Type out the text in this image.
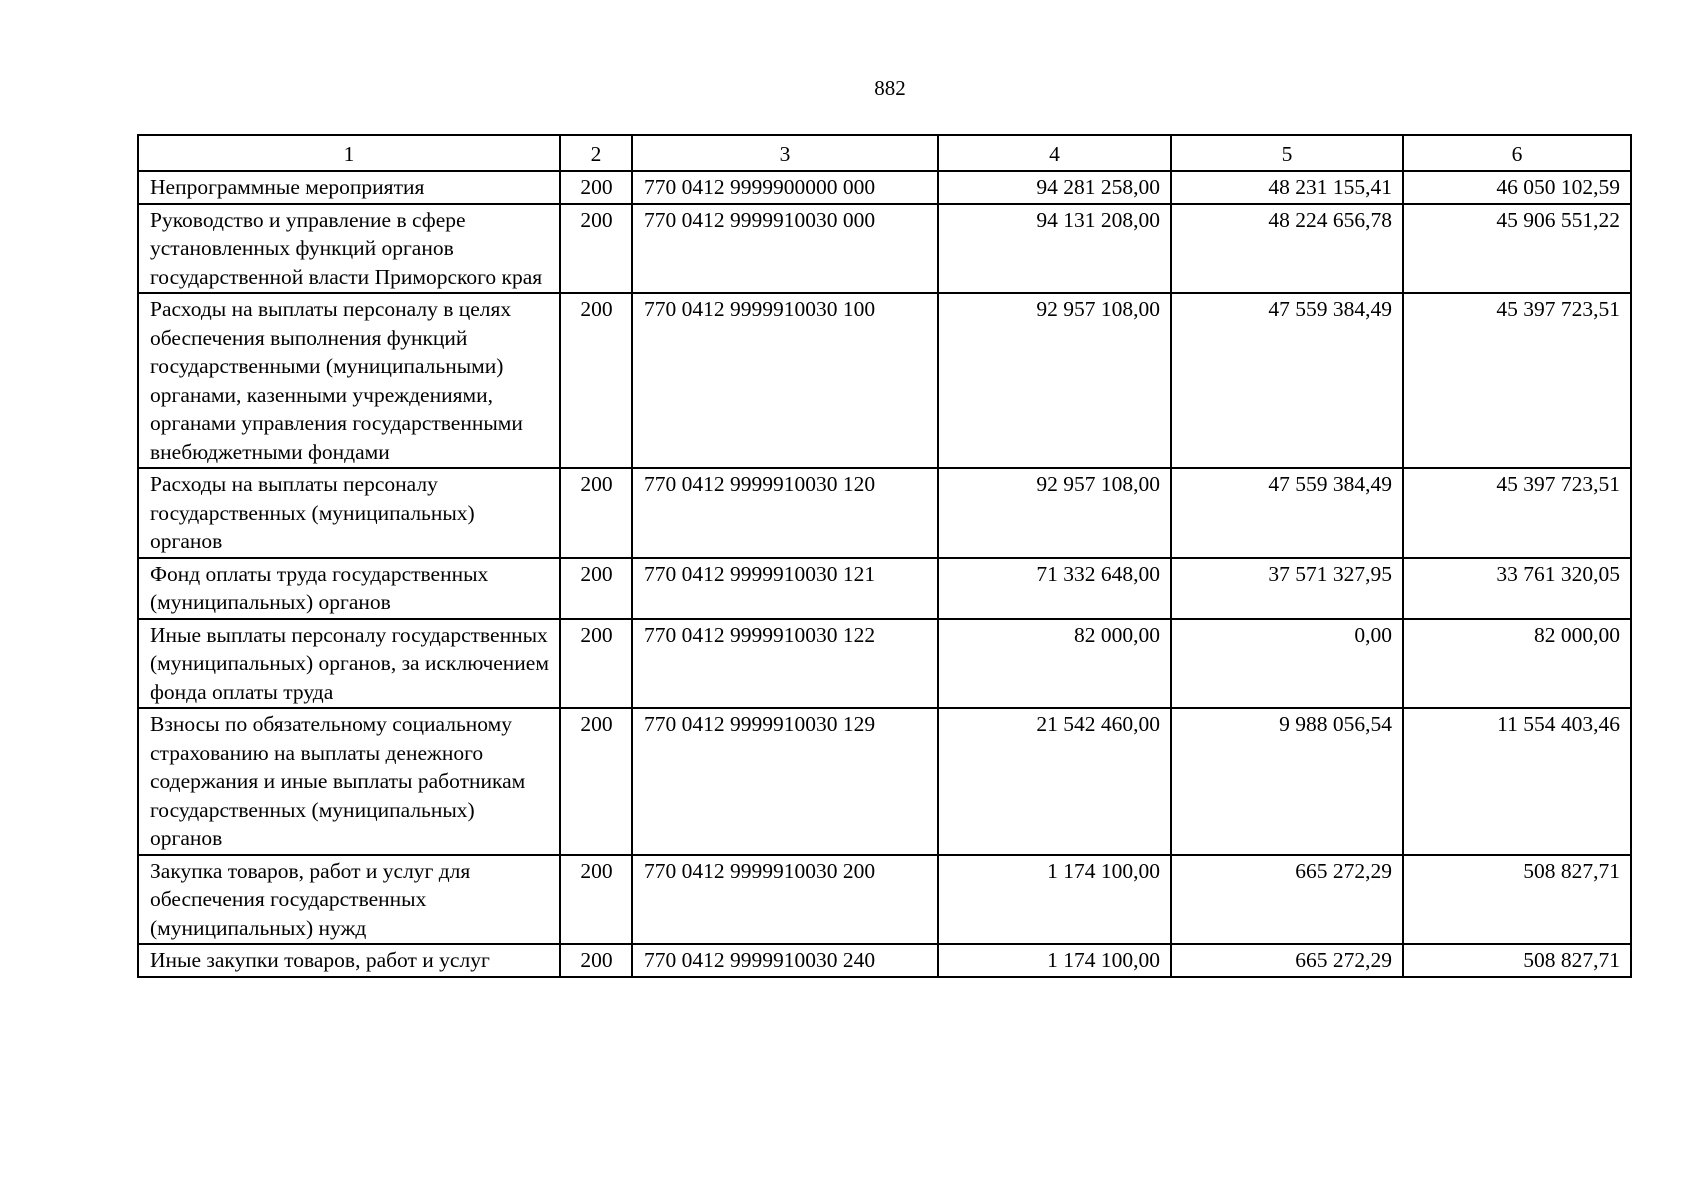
882
1	2	3	4	5	6
Непрограммные мероприятия	200	770 0412 9999900000 000	94 281 258,00	48 231 155,41	46 050 102,59
Руководство и управление в сфере установленных функций органов государственной власти Приморского края	200	770 0412 9999910030 000	94 131 208,00	48 224 656,78	45 906 551,22
Расходы на выплаты персоналу в целях обеспечения выполнения функций государственными (муниципальными) органами, казенными учреждениями, органами управления государственными внебюджетными фондами	200	770 0412 9999910030 100	92 957 108,00	47 559 384,49	45 397 723,51
Расходы на выплаты персоналу государственных (муниципальных) органов	200	770 0412 9999910030 120	92 957 108,00	47 559 384,49	45 397 723,51
Фонд оплаты труда государственных (муниципальных) органов	200	770 0412 9999910030 121	71 332 648,00	37 571 327,95	33 761 320,05
Иные выплаты персоналу государственных (муниципальных) органов, за исключением фонда оплаты труда	200	770 0412 9999910030 122	82 000,00	0,00	82 000,00
Взносы по обязательному социальному страхованию на выплаты денежного содержания и иные выплаты работникам государственных (муниципальных) органов	200	770 0412 9999910030 129	21 542 460,00	9 988 056,54	11 554 403,46
Закупка товаров, работ и услуг для обеспечения государственных (муниципальных) нужд	200	770 0412 9999910030 200	1 174 100,00	665 272,29	508 827,71
Иные закупки товаров, работ и услуг	200	770 0412 9999910030 240	1 174 100,00	665 272,29	508 827,71
